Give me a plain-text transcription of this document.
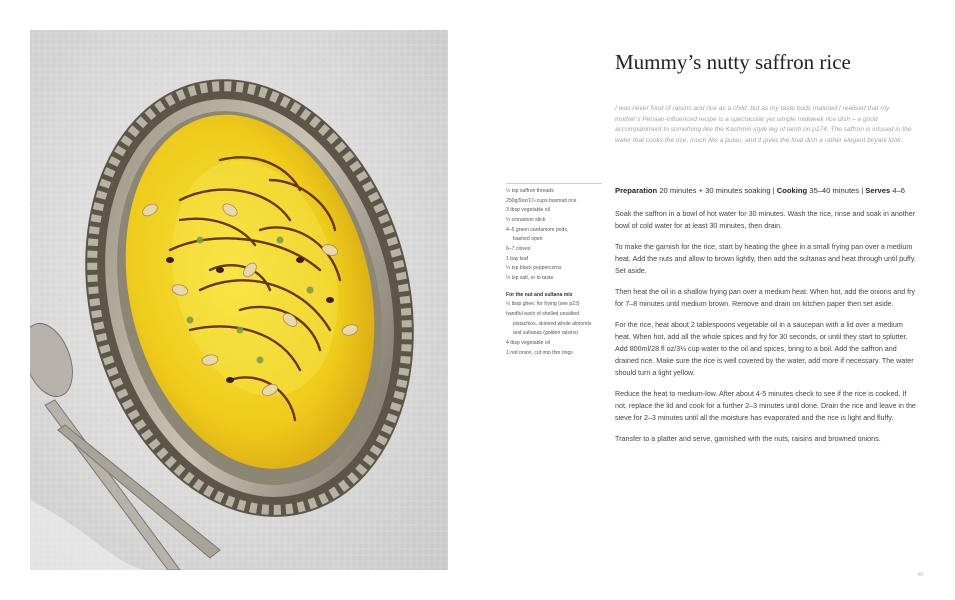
Mummy’s nutty saffron rice

I was never fond of raisins and rice as a child, but as my taste buds matured I realised that my mother’s Persian-influenced recipe is a spectacular yet simple midweek rice dish – a good accompaniment to something like the Kashmiri-style leg of lamb on p174. The saffron is infused in the water that cooks the rice, much like a pulao, and it gives the final dish a rather elegant biryani look.

½ tsp saffron threads
250g/9oz/1¼ cups basmati rice
3 tbsp vegetable oil
½ cinnamon stick
4–5 green cardamom pods,
bashed open
6–7 cloves
1 bay leaf
½ tsp black peppercorns
½ tsp salt, or to taste
For the nut and sultana mix
½ tbsp ghee, for frying (see p23)
handful each of shelled unsalted
pistachios, skinned whole almonds
and sultanas (golden raisins)
4 tbsp vegetable oil
1 red onion, cut into thin rings
Preparation 20 minutes + 30 minutes soaking | Cooking 35–40 minutes | Serves 4–6

Soak the saffron in a bowl of hot water for 30 minutes. Wash the rice, rinse and soak in another bowl of cold water for at least 30 minutes, then drain.

To make the garnish for the rice, start by heating the ghee in a small frying pan over a medium heat. Add the nuts and allow to brown lightly, then add the sultanas and heat through until puffy. Set aside.

Then heat the oil in a shallow frying pan over a medium heat. When hot, add the onions and fry for 7–8 minutes until medium brown. Remove and drain on kitchen paper then set aside.

For the rice, heat about 2 tablespoons vegetable oil in a saucepan with a lid over a medium heat. When hot, add all the whole spices and fry for 30 seconds, or until they start to splutter. Add 800ml/28 fl oz/3⅓ cup water to the oil and spices, bring to a boil. Add the saffron and drained rice. Make sure the rice is well covered by the water, add more if necessary. The water should turn a light yellow.

Reduce the heat to medium-low. After about 4-5 minutes check to see if the rice is cooked. If not, replace the lid and cook for a further 2–3 minutes until done. Drain the rice and leave in the sieve for 2–3 minutes until all the moisture has evaporated and the rice is light and fluffy.

Transfer to a platter and serve, garnished with the nuts, raisins and browned onions.

49
